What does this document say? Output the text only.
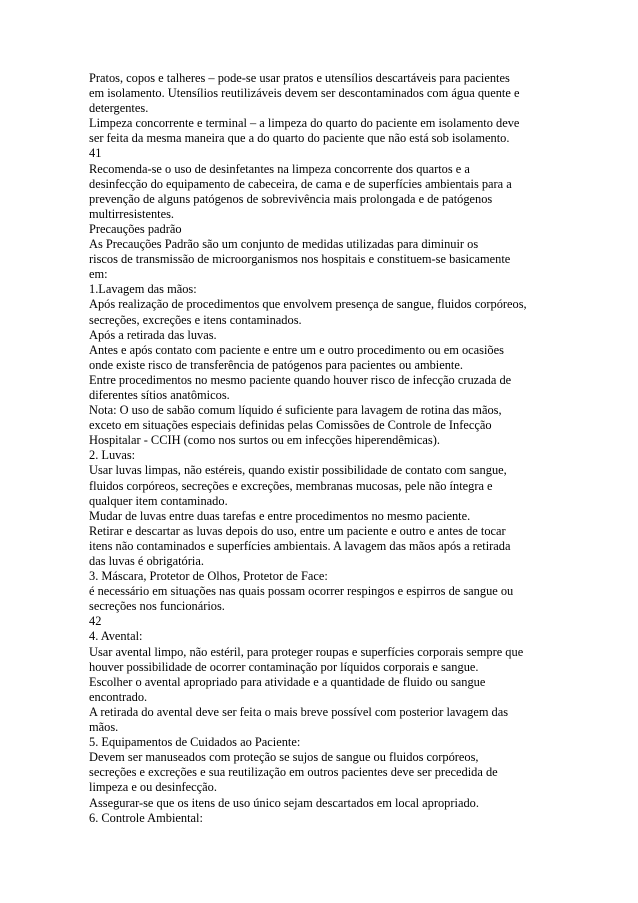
Pratos, copos e talheres – pode-se usar pratos e utensílios descartáveis para pacientes
em isolamento. Utensílios reutilizáveis devem ser descontaminados com água quente e
detergentes.
Limpeza concorrente e terminal – a limpeza do quarto do paciente em isolamento deve
ser feita da mesma maneira que a do quarto do paciente que não está sob isolamento.
41
Recomenda-se o uso de desinfetantes na limpeza concorrente dos quartos e a
desinfecção do equipamento de cabeceira, de cama e de superfícies ambientais para a
prevenção de alguns patógenos de sobrevivência mais prolongada e de patógenos
multirresistentes.
Precauções padrão
As Precauções Padrão são um conjunto de medidas utilizadas para diminuir os
riscos de transmissão de microorganismos nos hospitais e constituem-se basicamente
em:
1.Lavagem das mãos:
Após realização de procedimentos que envolvem presença de sangue, fluidos corpóreos,
secreções, excreções e itens contaminados.
Após a retirada das luvas.
Antes e após contato com paciente e entre um e outro procedimento ou em ocasiões
onde existe risco de transferência de patógenos para pacientes ou ambiente.
Entre procedimentos no mesmo paciente quando houver risco de infecção cruzada de
diferentes sítios anatômicos.
Nota: O uso de sabão comum líquido é suficiente para lavagem de rotina das mãos,
exceto em situações especiais definidas pelas Comissões de Controle de Infecção
Hospitalar - CCIH (como nos surtos ou em infecções hiperendêmicas).
2. Luvas:
Usar luvas limpas, não estéreis, quando existir possibilidade de contato com sangue,
fluidos corpóreos, secreções e excreções, membranas mucosas, pele não íntegra e
qualquer item contaminado.
Mudar de luvas entre duas tarefas e entre procedimentos no mesmo paciente.
Retirar e descartar as luvas depois do uso, entre um paciente e outro e antes de tocar
itens não contaminados e superfícies ambientais. A lavagem das mãos após a retirada
das luvas é obrigatória.
3. Máscara, Protetor de Olhos, Protetor de Face:
é necessário em situações nas quais possam ocorrer respingos e espirros de sangue ou
secreções nos funcionários.
42
4. Avental:
Usar avental limpo, não estéril, para proteger roupas e superfícies corporais sempre que
houver possibilidade de ocorrer contaminação por líquidos corporais e sangue.
Escolher o avental apropriado para atividade e a quantidade de fluido ou sangue
encontrado.
A retirada do avental deve ser feita o mais breve possível com posterior lavagem das
mãos.
5. Equipamentos de Cuidados ao Paciente:
Devem ser manuseados com proteção se sujos de sangue ou fluidos corpóreos,
secreções e excreções e sua reutilização em outros pacientes deve ser precedida de
limpeza e ou desinfecção.
Assegurar-se que os itens de uso único sejam descartados em local apropriado.
6. Controle Ambiental:
